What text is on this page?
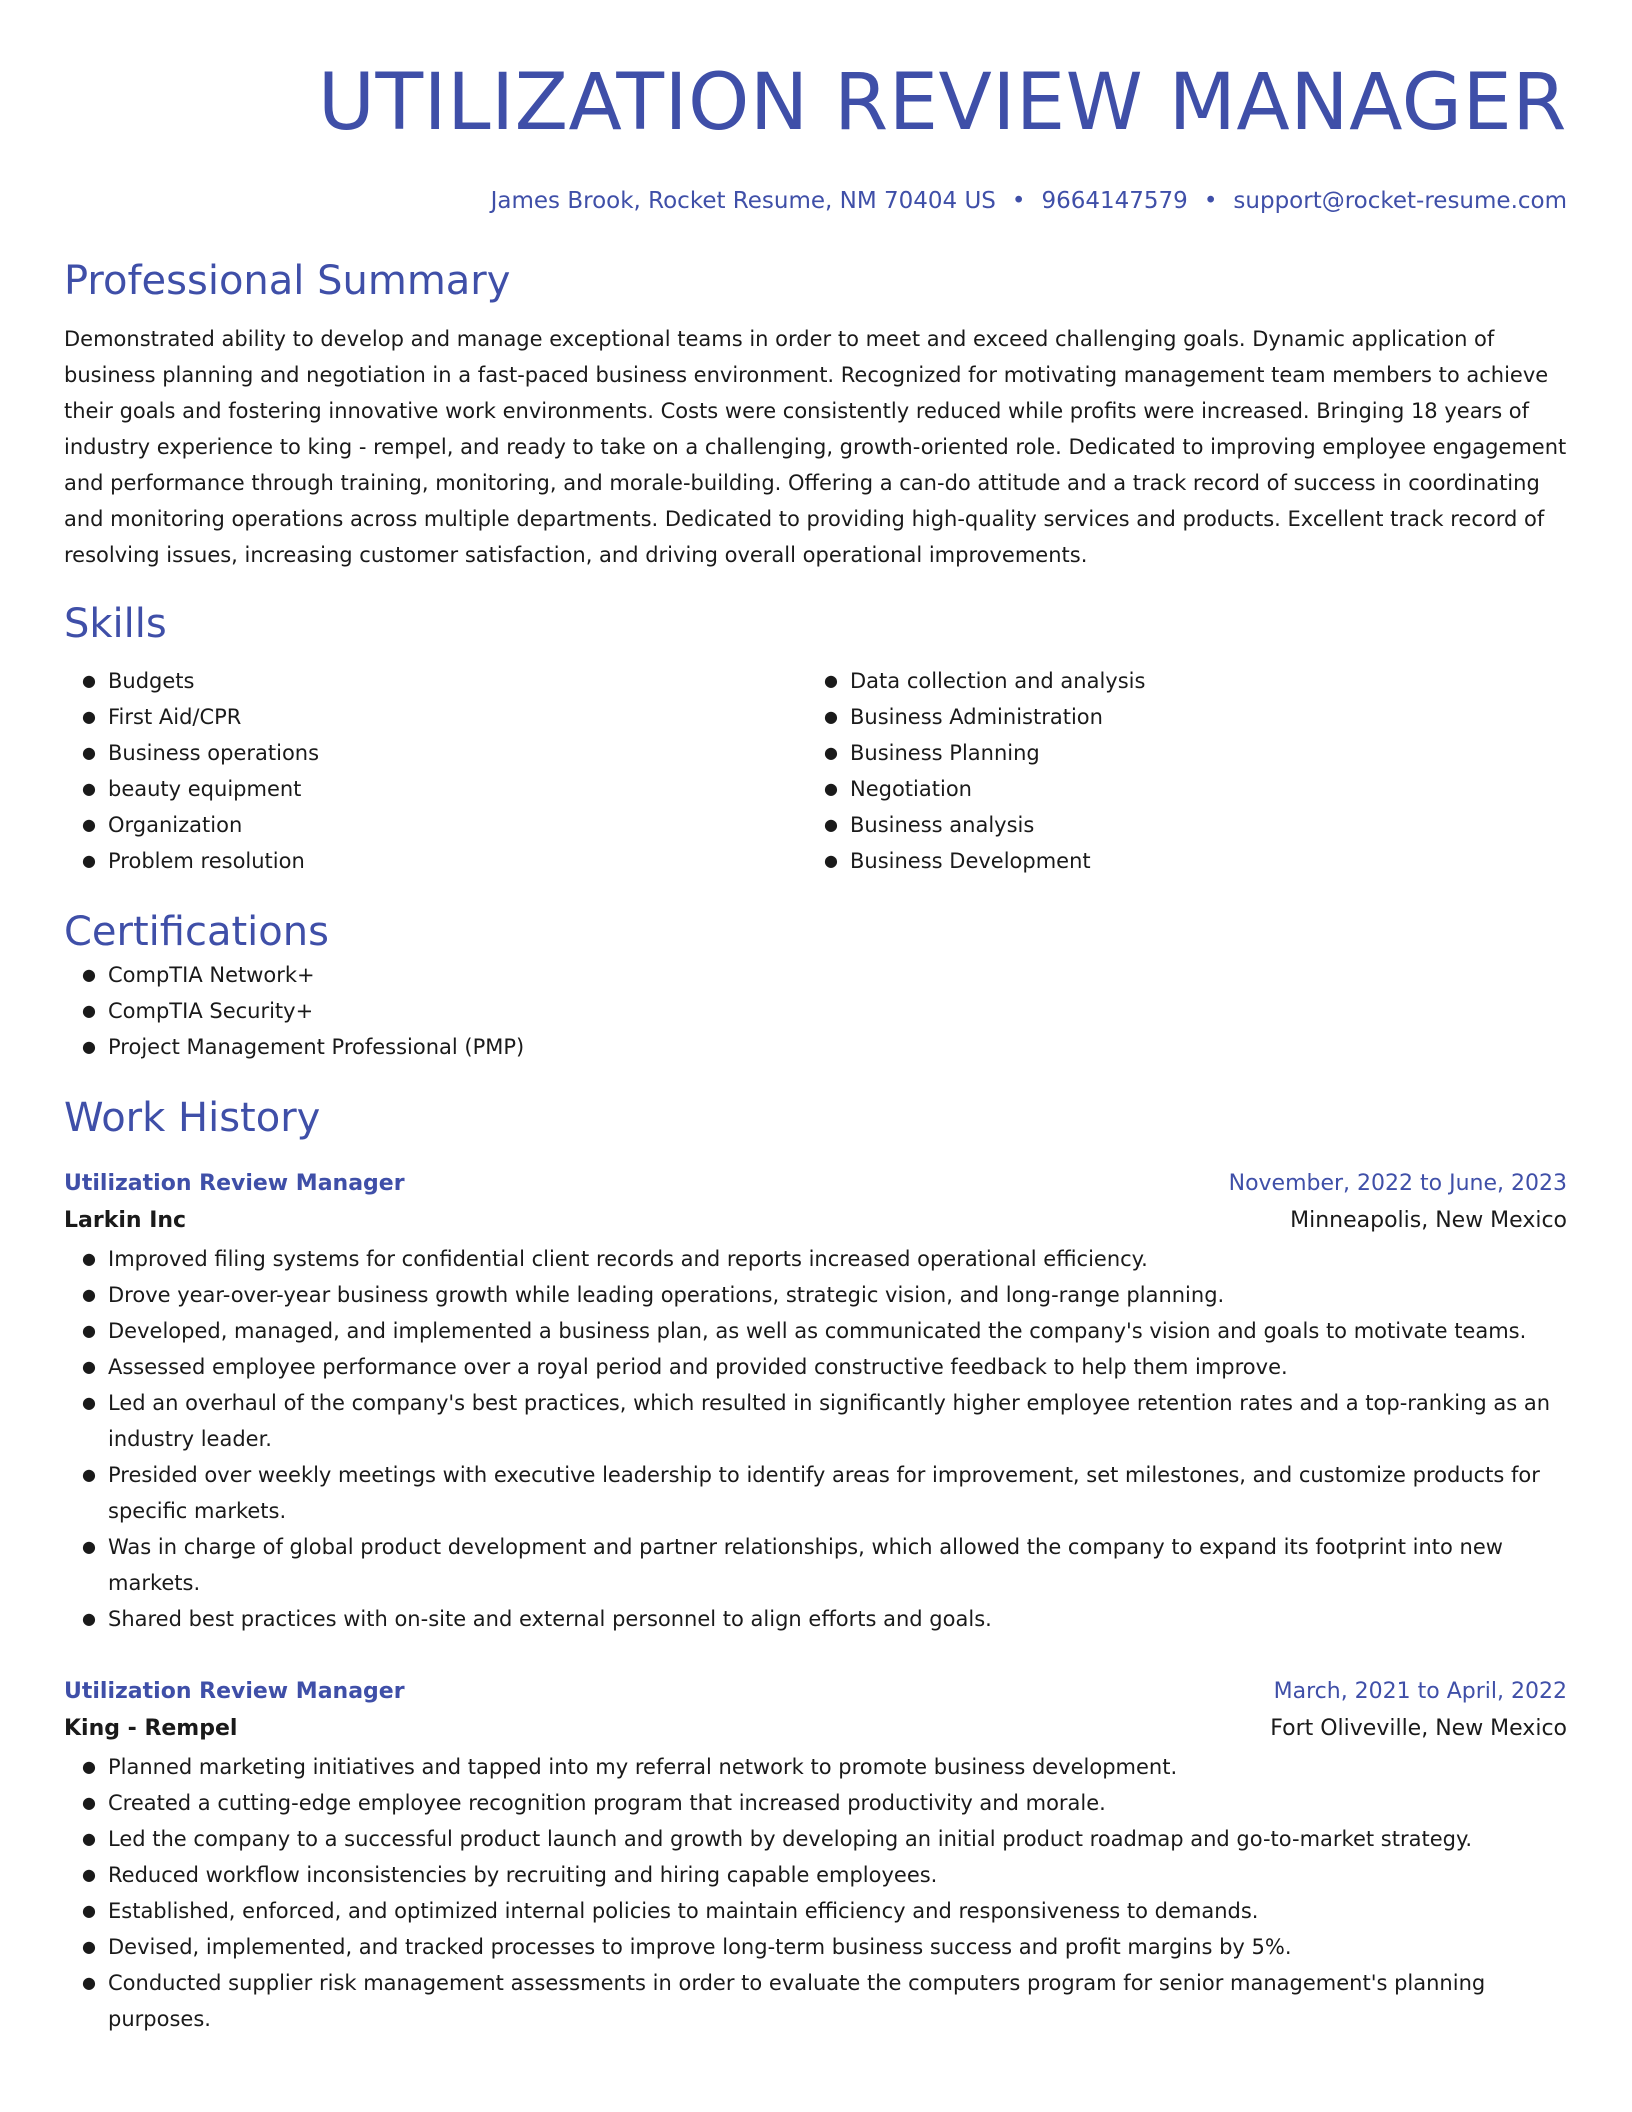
UTILIZATION REVIEW MANAGER
James Brook, Rocket Resume, NM 70404 US • 9664147579 • support@rocket-resume.com
Professional Summary
Demonstrated ability to develop and manage exceptional teams in order to meet and exceed challenging goals. Dynamic application of business planning and negotiation in a fast-paced business environment. Recognized for motivating management team members to achieve their goals and fostering innovative work environments. Costs were consistently reduced while profits were increased. Bringing 18 years of industry experience to king - rempel, and ready to take on a challenging, growth-oriented role. Dedicated to improving employee engagement and performance through training, monitoring, and morale-building. Offering a can-do attitude and a track record of success in coordinating and monitoring operations across multiple departments. Dedicated to providing high-quality services and products. Excellent track record of resolving issues, increasing customer satisfaction, and driving overall operational improvements.
Skills
● Budgets
● First Aid/CPR
● Business operations
● beauty equipment
● Organization
● Problem resolution
● Data collection and analysis
● Business Administration
● Business Planning
● Negotiation
● Business analysis
● Business Development
Certifications
● CompTIA Network+
● CompTIA Security+
● Project Management Professional (PMP)
Work History
Utilization Review Manager	November, 2022 to June, 2023
Larkin Inc	Minneapolis, New Mexico
● Improved filing systems for confidential client records and reports increased operational efficiency.
● Drove year-over-year business growth while leading operations, strategic vision, and long-range planning.
● Developed, managed, and implemented a business plan, as well as communicated the company's vision and goals to motivate teams.
● Assessed employee performance over a royal period and provided constructive feedback to help them improve.
● Led an overhaul of the company's best practices, which resulted in significantly higher employee retention rates and a top-ranking as an industry leader.
● Presided over weekly meetings with executive leadership to identify areas for improvement, set milestones, and customize products for specific markets.
● Was in charge of global product development and partner relationships, which allowed the company to expand its footprint into new markets.
● Shared best practices with on-site and external personnel to align efforts and goals.
Utilization Review Manager	March, 2021 to April, 2022
King - Rempel	Fort Oliveville, New Mexico
● Planned marketing initiatives and tapped into my referral network to promote business development.
● Created a cutting-edge employee recognition program that increased productivity and morale.
● Led the company to a successful product launch and growth by developing an initial product roadmap and go-to-market strategy.
● Reduced workflow inconsistencies by recruiting and hiring capable employees.
● Established, enforced, and optimized internal policies to maintain efficiency and responsiveness to demands.
● Devised, implemented, and tracked processes to improve long-term business success and profit margins by 5%.
● Conducted supplier risk management assessments in order to evaluate the computers program for senior management's planning purposes.
